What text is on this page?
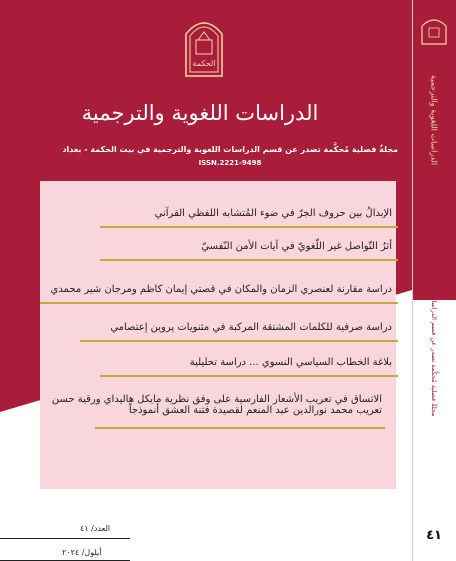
الحكمة
الدراسات اللغوية والترجمية
مجلةٌ فصلية مُحكَّمة تصدر عن قسم الدراسات اللغوية والترجمية في بيت الحكمة - بغداد
ISSN.2221-9498
الإبدالُ بين حروف الجرّ في ضوء المُتشابه اللفظي القرآني
أثرُ التّواصل غير اللّغويّ في آيات الأمن النّفسيّ
دراسة مقارنة لعنصري الزمان والمكان في قصتي إيمان كاظم ومرجان شير محمدي
دراسة صرفية للكلمات المشتقة المركبة في مثنويات پروين إعتصامي
بلاغة الخطاب السياسي النسوي ... دراسة تحليلية
الاتساق في تعريب الأشعار الفارسية على وفق نظرية مايكل هاليداي ورقية حسن
تعريب محمد نورالدين عبد المنعم لقصيدة فتنة العشق أنموذجاً
العدد/ ٤١
أيلول/ ٢٠٢٤
الدراسات اللغوية والترجمية
مجلةٌ فصلية مُحكَّمة تصدر عن قسم الدراسات اللغوية والترجمية في بيت الحكمة - بغداد
٤١
